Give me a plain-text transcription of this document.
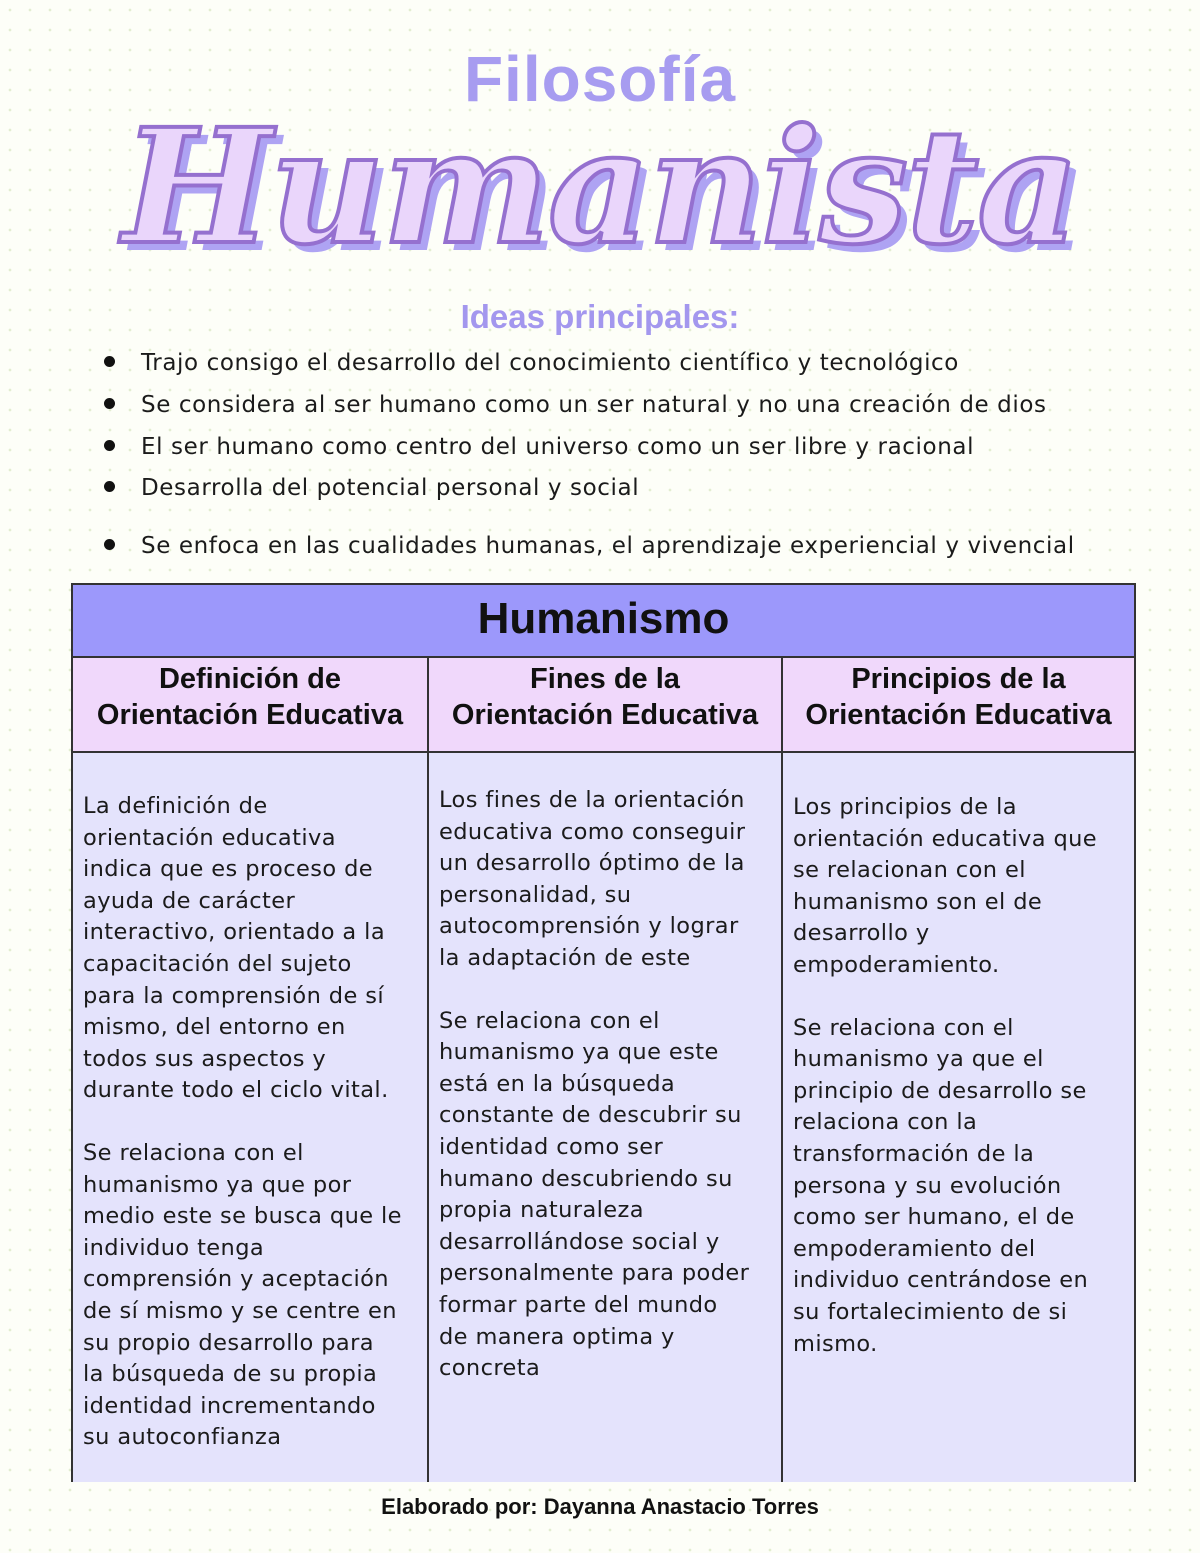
Filosofía
Humanista
Ideas principales:
Trajo consigo el desarrollo del conocimiento científico y tecnológico
Se considera al ser humano como un ser natural y no una creación de dios
El ser humano como centro del universo como un ser libre y racional
Desarrolla del potencial personal y social
Se enfoca en las cualidades humanas, el aprendizaje experiencial y vivencial
Humanismo
Definición de
Orientación Educativa
Fines de la
Orientación Educativa
Principios de la
Orientación Educativa

La definición de
orientación educativa
indica que es proceso de
ayuda de carácter
interactivo, orientado a la
capacitación del sujeto
para la comprensión de sí
mismo, del entorno en
todos sus aspectos y
durante todo el ciclo vital.

Se relaciona con el
humanismo ya que por
medio este se busca que le
individuo tenga
comprensión y aceptación
de sí mismo y se centre en
su propio desarrollo para
la búsqueda de su propia
identidad incrementando
su autoconfianza

Los fines de la orientación
educativa como conseguir
un desarrollo óptimo de la
personalidad, su
autocomprensión y lograr
la adaptación de este

Se relaciona con el
humanismo ya que este
está en la búsqueda
constante de descubrir su
identidad como ser
humano descubriendo su
propia naturaleza
desarrollándose social y
personalmente para poder
formar parte del mundo
de manera optima y
concreta

Los principios de la
orientación educativa que
se relacionan con el
humanismo son el de
desarrollo y
empoderamiento.

Se relaciona con el
humanismo ya que el
principio de desarrollo se
relaciona con la
transformación de la
persona y su evolución
como ser humano, el de
empoderamiento del
individuo centrándose en
su fortalecimiento de si
mismo.

Elaborado por: Dayanna Anastacio Torres
